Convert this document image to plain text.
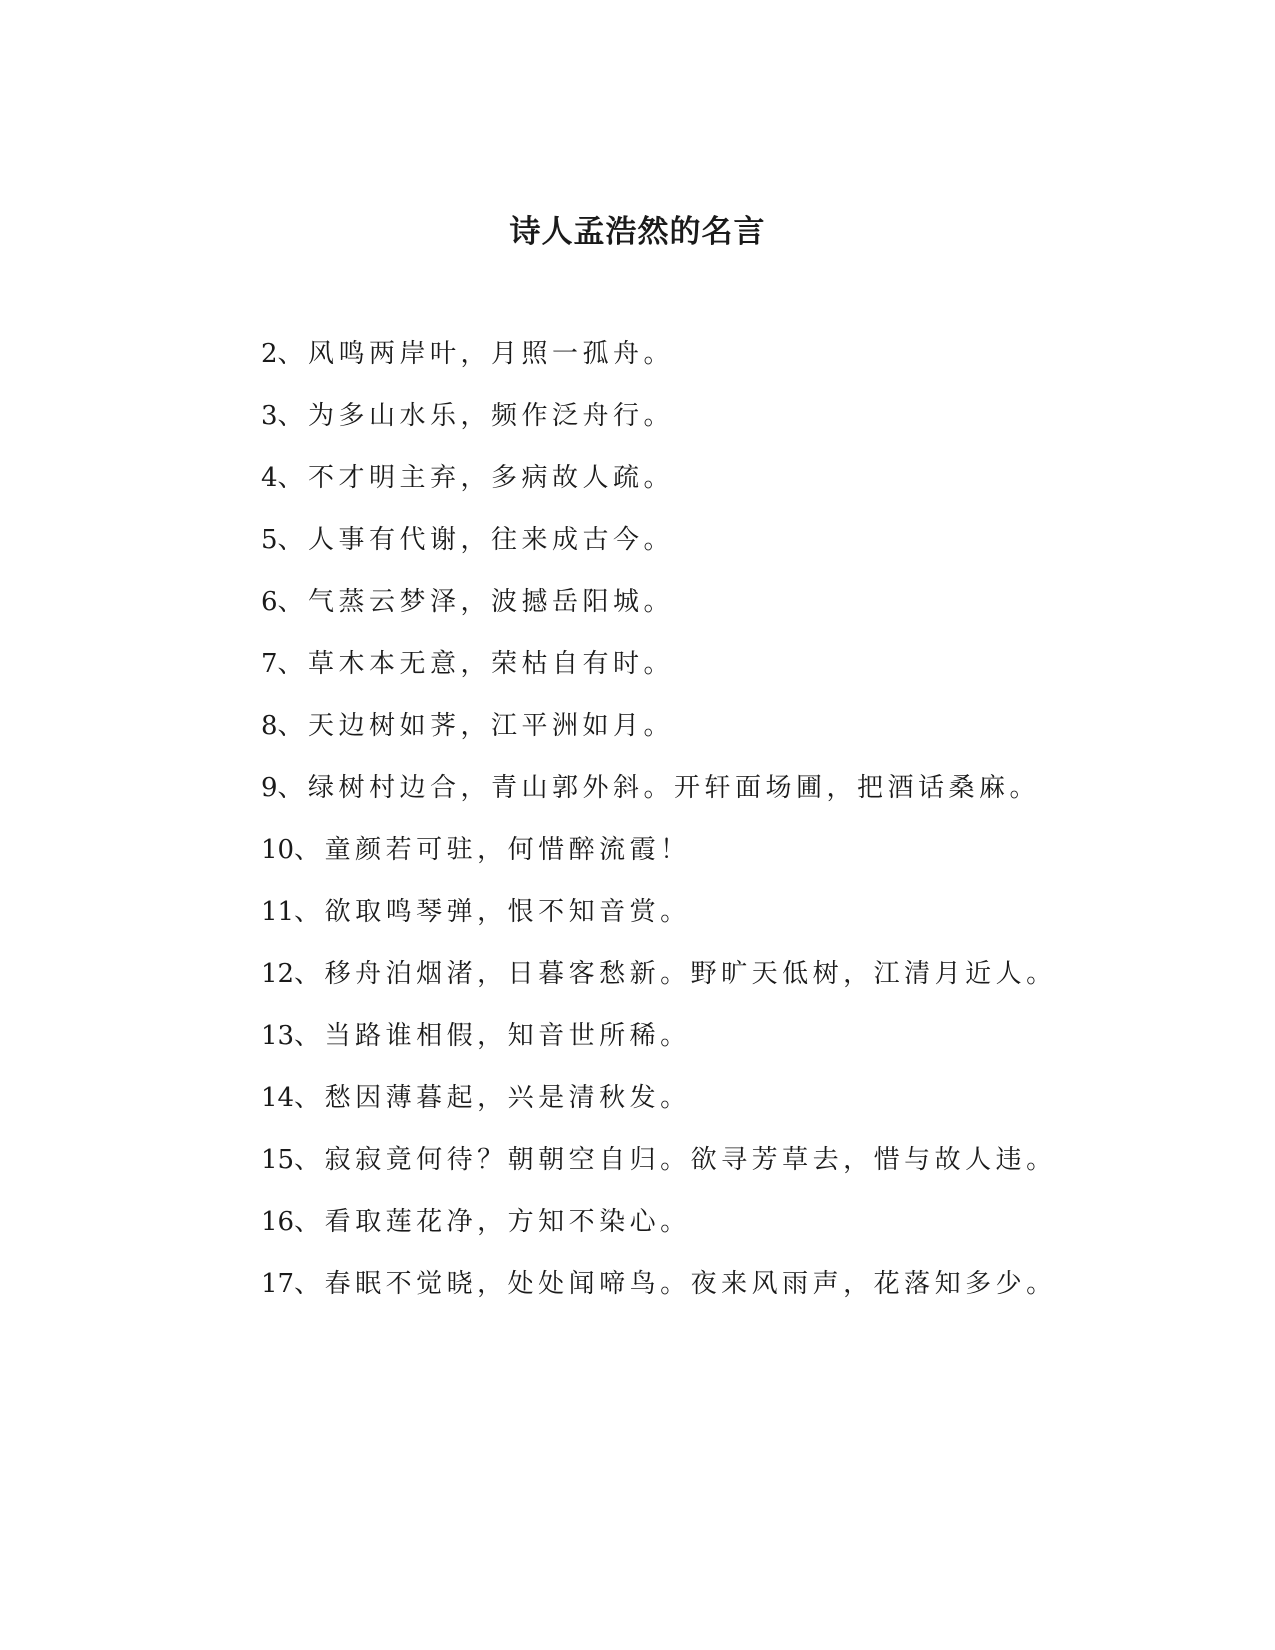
诗人孟浩然的名言
2、风鸣两岸叶，月照一孤舟。
3、为多山水乐，频作泛舟行。
4、不才明主弃，多病故人疏。
5、人事有代谢，往来成古今。
6、气蒸云梦泽，波撼岳阳城。
7、草木本无意，荣枯自有时。
8、天边树如荠，江平洲如月。
9、绿树村边合，青山郭外斜。开轩面场圃，把酒话桑麻。
10、童颜若可驻，何惜醉流霞！
11、欲取鸣琴弹，恨不知音赏。
12、移舟泊烟渚，日暮客愁新。野旷天低树，江清月近人。
13、当路谁相假，知音世所稀。
14、愁因薄暮起，兴是清秋发。
15、寂寂竟何待？朝朝空自归。欲寻芳草去，惜与故人违。
16、看取莲花净，方知不染心。
17、春眠不觉晓，处处闻啼鸟。夜来风雨声，花落知多少。
